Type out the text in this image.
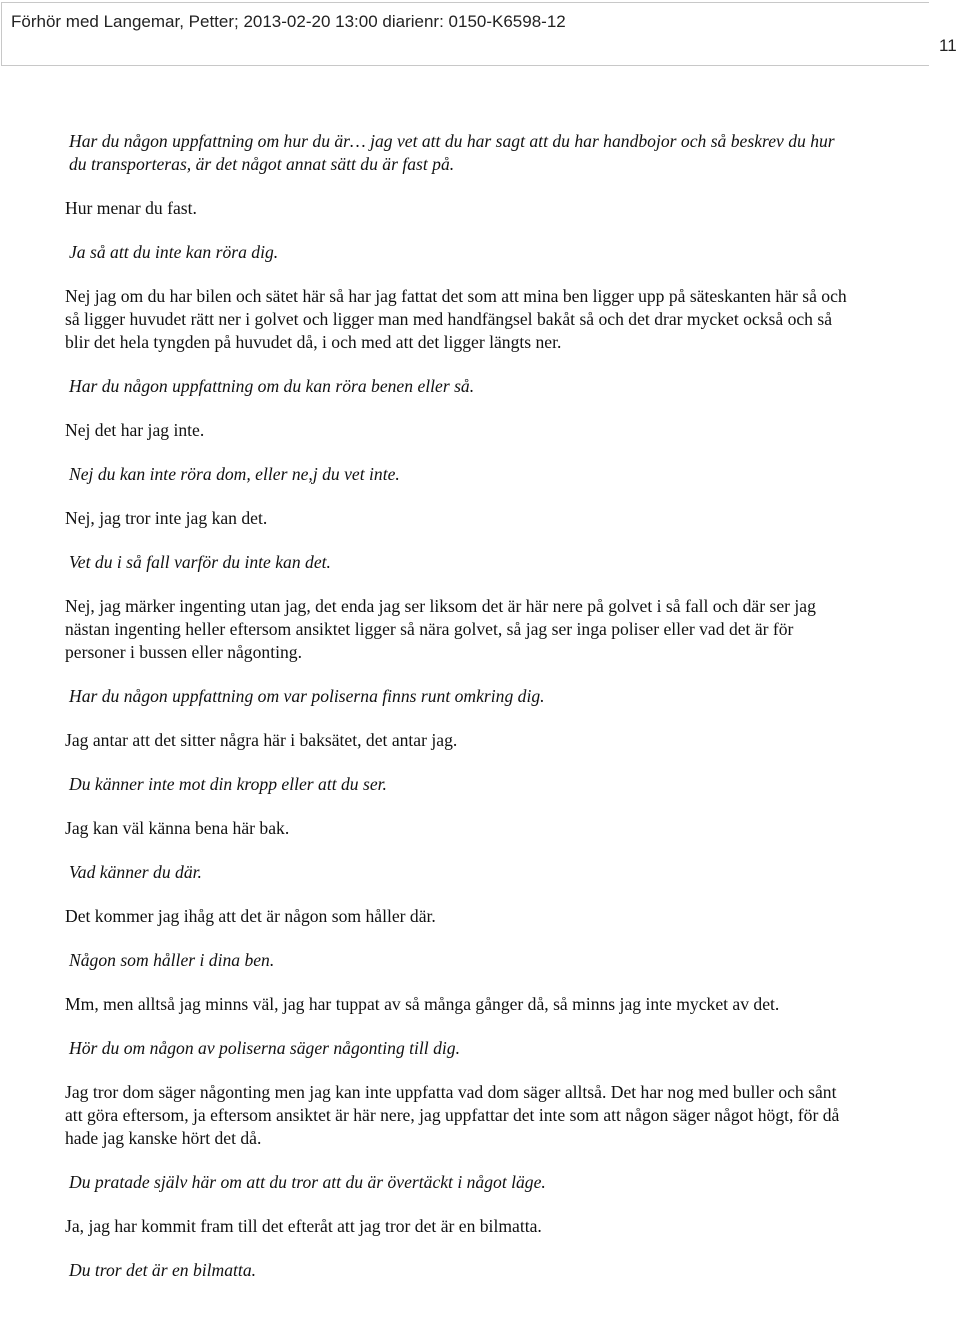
Förhör med Langemar, Petter; 2013-02-20 13:00 diarienr: 0150-K6598-12
11

Har du någon uppfattning om hur du är… jag vet att du har sagt att du har handbojor och så beskrev du hur du transporteras, är det något annat sätt du är fast på.

Hur menar du fast.

Ja så att du inte kan röra dig.

Nej jag om du har bilen och sätet här så har jag fattat det som att mina ben ligger upp på säteskanten här så och så ligger huvudet rätt ner i golvet och ligger man med handfängsel bakåt så och det drar mycket också och så blir det hela tyngden på huvudet då, i och med att det ligger längts ner.

Har du någon uppfattning om du kan röra benen eller så.

Nej det har jag inte.

Nej du kan inte röra dom, eller ne,j du vet inte.

Nej, jag tror inte jag kan det.

Vet du i så fall varför du inte kan det.

Nej, jag märker ingenting utan jag, det enda jag ser liksom det är här nere på golvet i så fall och där ser jag nästan ingenting heller eftersom ansiktet ligger så nära golvet, så jag ser inga poliser eller vad det är för personer i bussen eller någonting.

Har du någon uppfattning om var poliserna finns runt omkring dig.

Jag antar att det sitter några här i baksätet, det antar jag.

Du känner inte mot din kropp eller att du ser.

Jag kan väl känna bena här bak.

Vad känner du där.

Det kommer jag ihåg att det är någon som håller där.

Någon som håller i dina ben.

Mm, men alltså jag minns väl, jag har tuppat av så många gånger då, så minns jag inte mycket av det.

Hör du om någon av poliserna säger någonting till dig.

Jag tror dom säger någonting men jag kan inte uppfatta vad dom säger alltså. Det har nog med buller och sånt att göra eftersom, ja eftersom ansiktet är här nere, jag uppfattar det inte som att någon säger något högt, för då hade jag kanske hört det då.

Du pratade själv här om att du tror att du är övertäckt i något läge.

Ja, jag har kommit fram till det efteråt att jag tror det är en bilmatta.

Du tror det är en bilmatta.
